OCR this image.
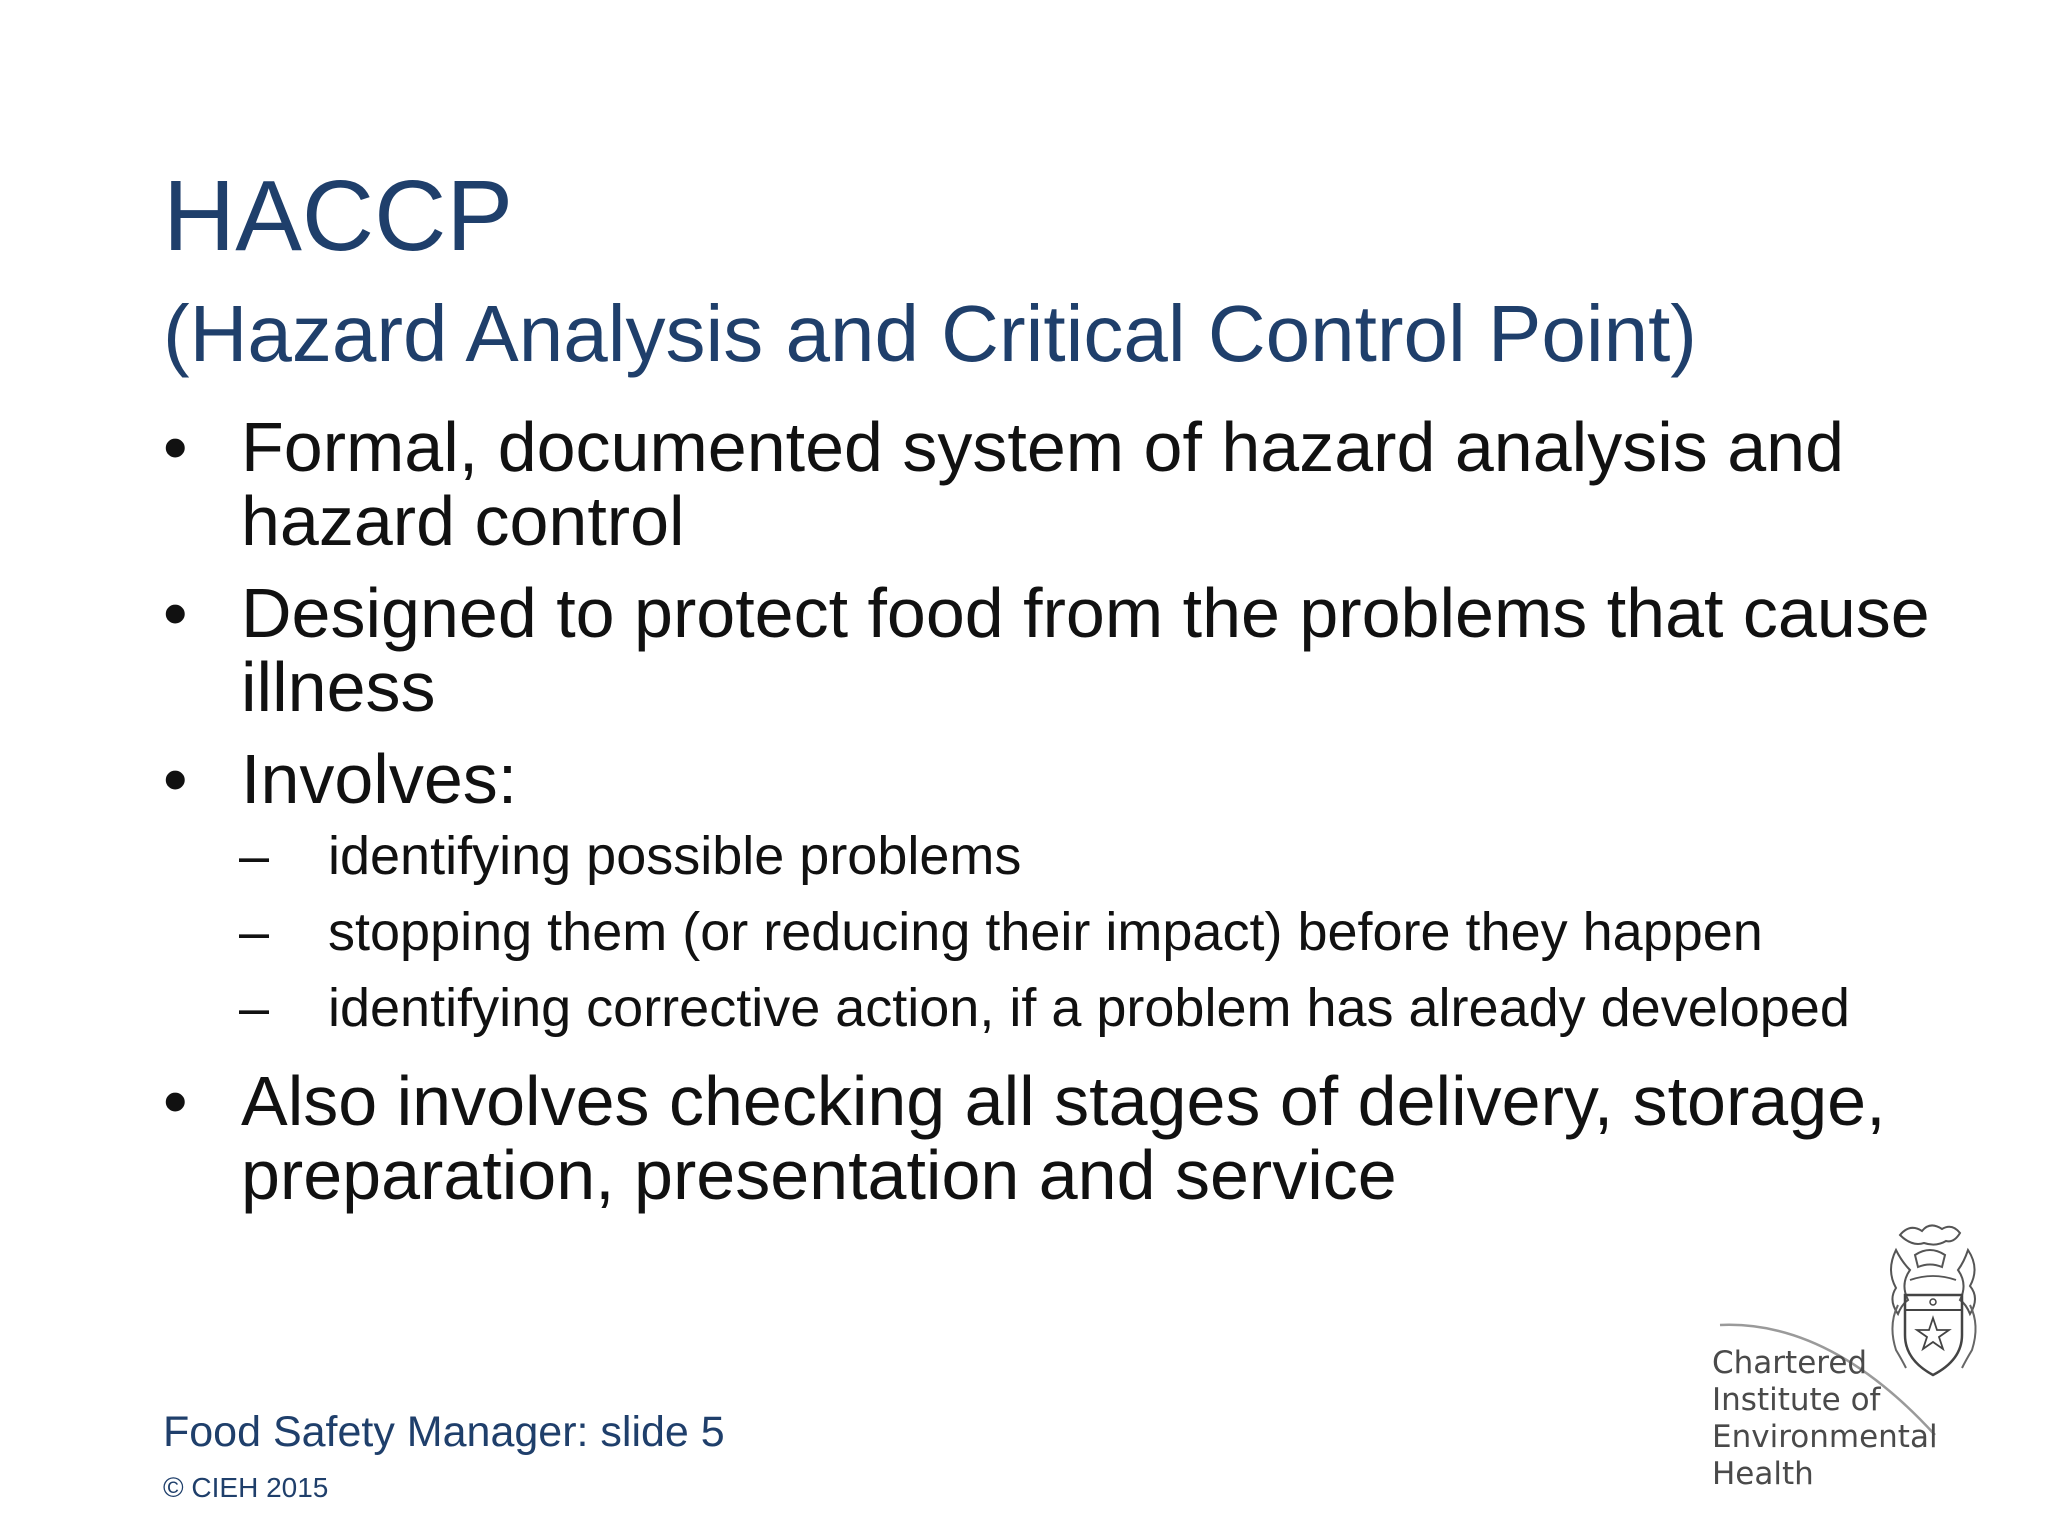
HACCP
(Hazard Analysis and Critical Control Point)
• Formal, documented system of hazard analysis and hazard control
• Designed to protect food from the problems that cause illness
• Involves:
–	identifying possible problems
–	stopping them (or reducing their impact) before they happen
–	identifying corrective action, if a problem has already developed
• Also involves checking all stages of delivery, storage, preparation, presentation and service
Food Safety Manager: slide 5
© CIEH 2015
Chartered
Institute of
Environmental
Health
